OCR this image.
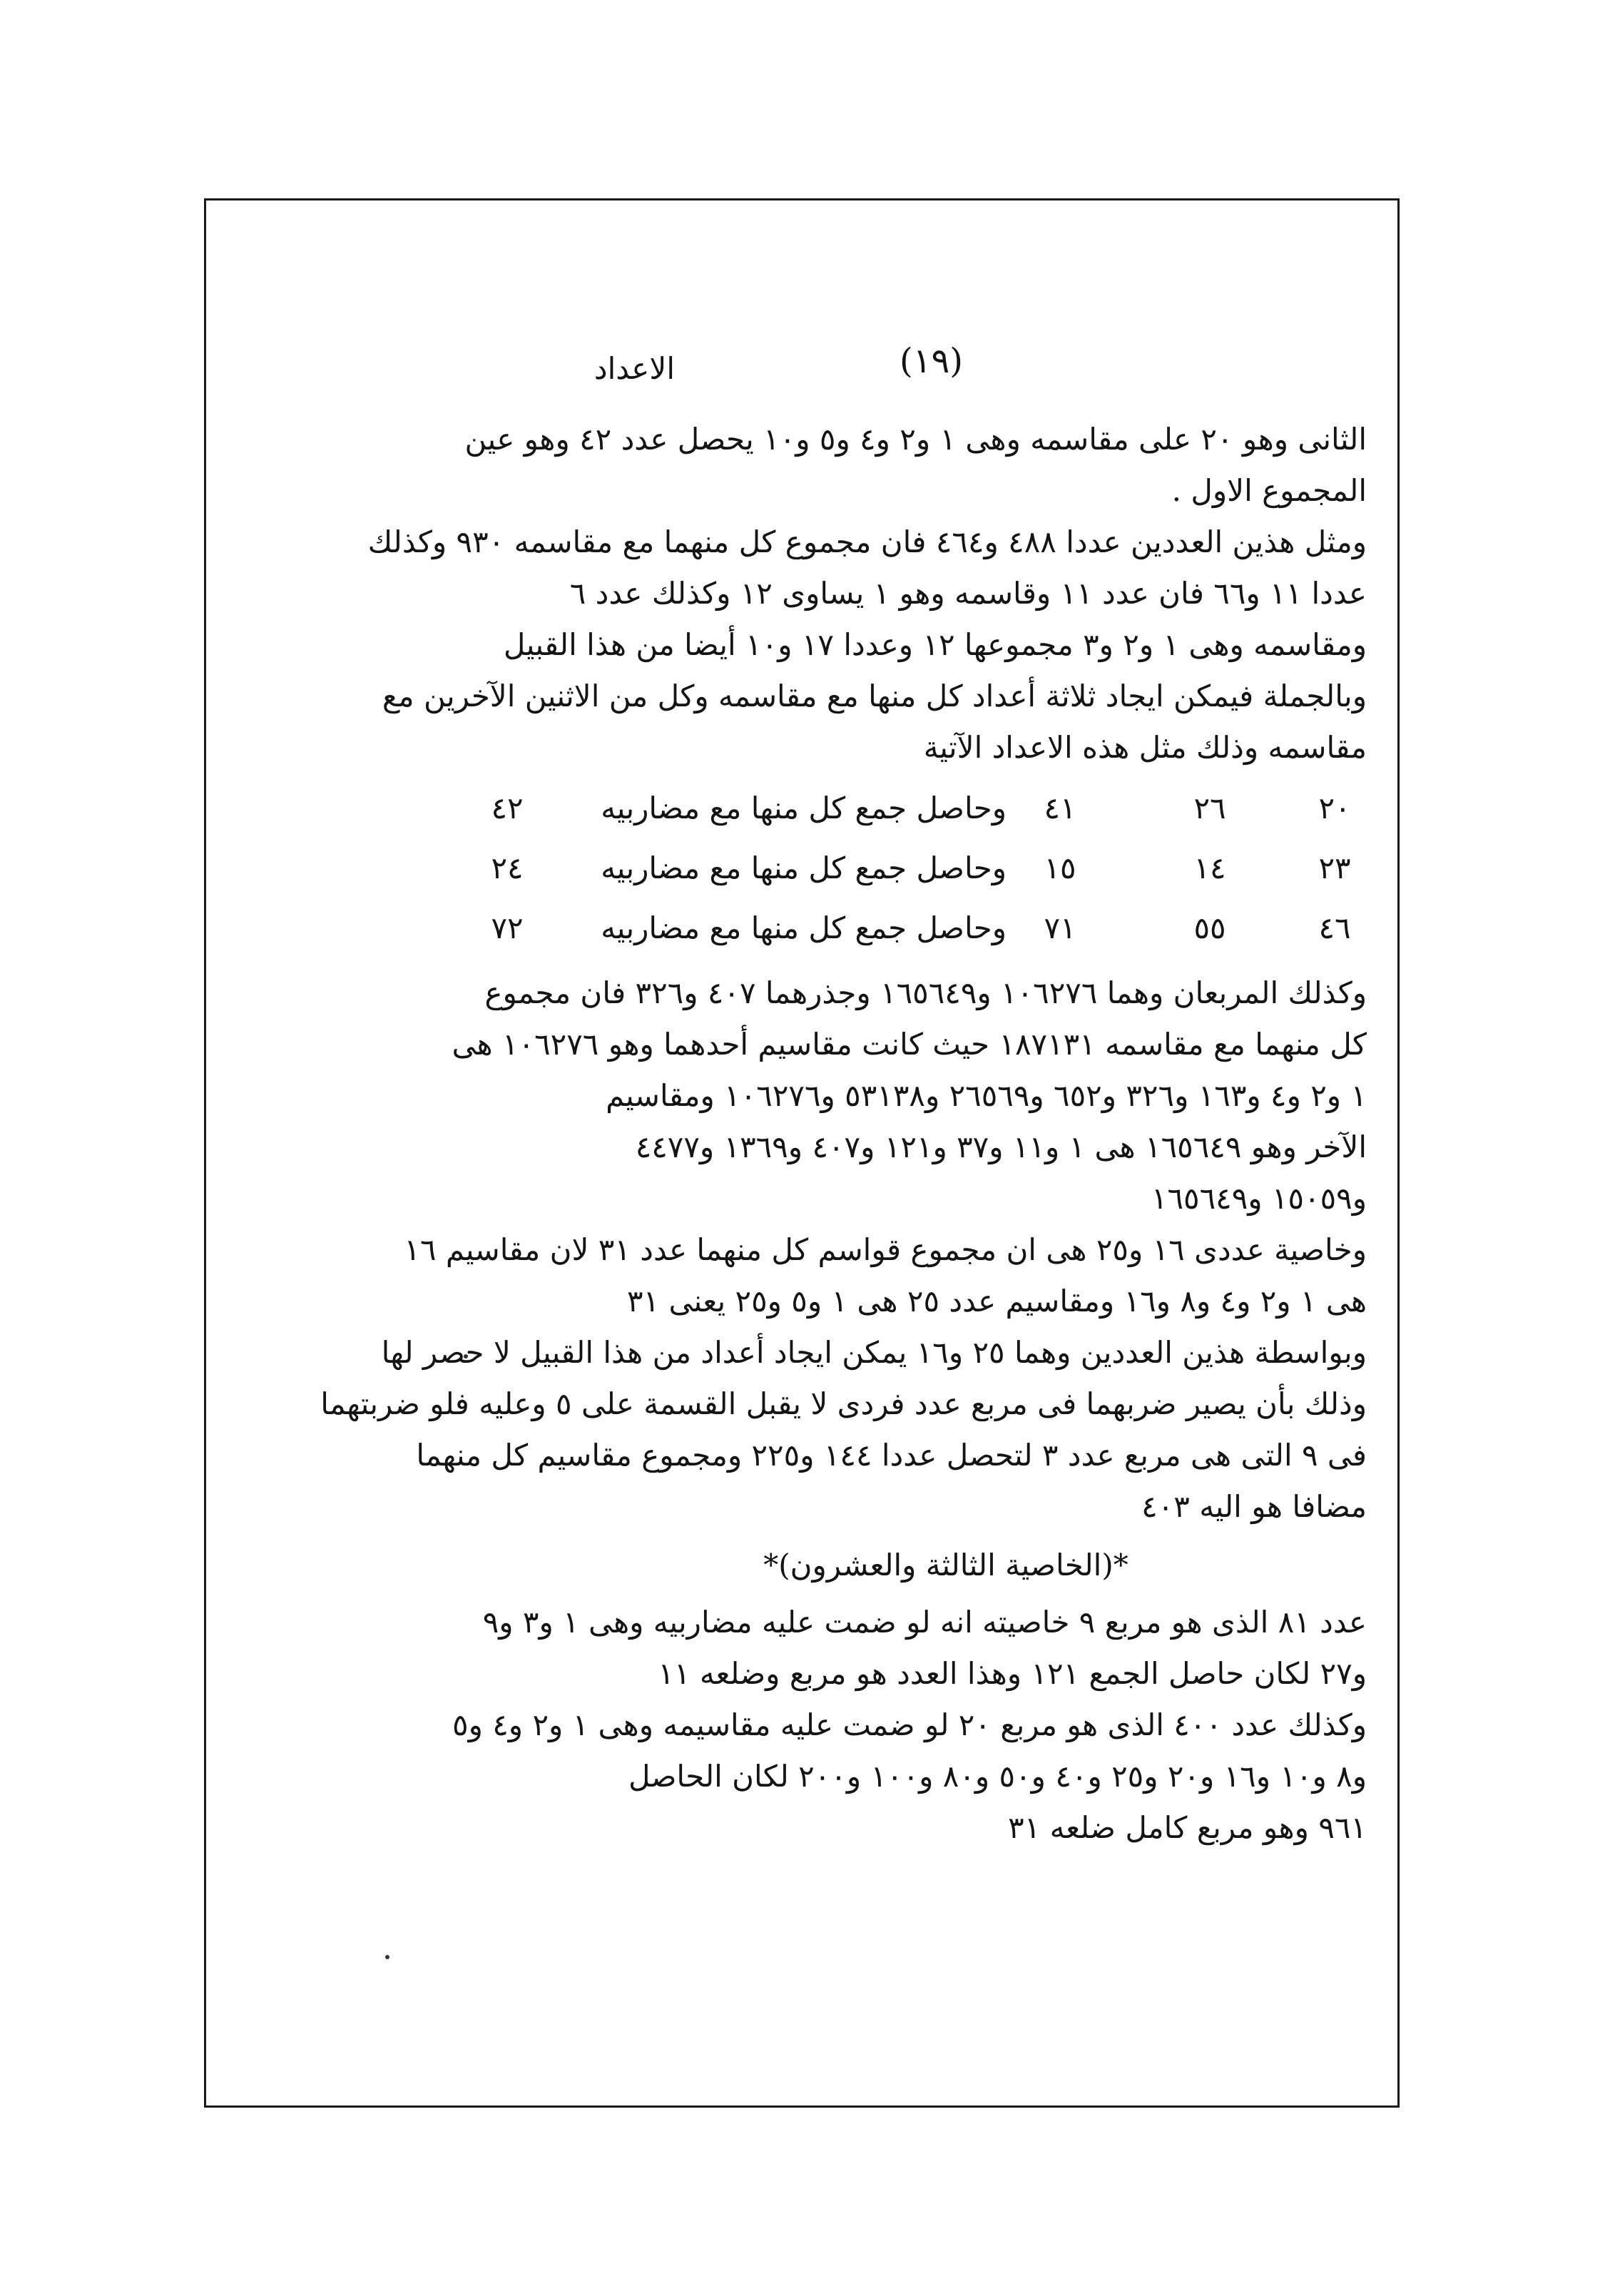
الاعداد	(١٩)
الثانى وهو ٢٠ على مقاسمه وهى ١ و٢ و٤ و٥ و١٠ يحصل عدد ٤٢ وهو عين
المجموع الاول .
ومثل هذين العددين عددا ٤٨٨ و٤٦٤ فان مجموع كل منهما مع مقاسمه ٩٣٠ وكذلك
عددا ١١ و٦٦ فان عدد ١١ وقاسمه وهو ١ يساوى ١٢ وكذلك عدد ٦
ومقاسمه وهى ١ و٢ و٣ مجموعها ١٢ وعددا ١٧ و١٠ أيضا من هذا القبيل
وبالجملة فيمكن ايجاد ثلاثة أعداد كل منها مع مقاسمه وكل من الاثنين الآخرين مع
مقاسمه وذلك مثل هذه الاعداد الآتية
٢٠
٢٦
٤١
وحاصل جمع كل منها مع مضاربيه
٤٢
٢٣
١٤
١٥
وحاصل جمع كل منها مع مضاربيه
٢٤
٤٦
٥٥
٧١
وحاصل جمع كل منها مع مضاربيه
٧٢
وكذلك المربعان وهما ١٠٦٢٧٦ و١٦٥٦٤٩ وجذرهما ٤٠٧ و٣٢٦ فان مجموع
كل منهما مع مقاسمه ١٨٧١٣١ حيث كانت مقاسيم أحدهما وهو ١٠٦٢٧٦ هى
١ و٢ و٤ و١٦٣ و٣٢٦ و٦٥٢ و٢٦٥٦٩ و٥٣١٣٨ و١٠٦٢٧٦ ومقاسيم
الآخر وهو ١٦٥٦٤٩ هى ١ و١١ و٣٧ و١٢١ و٤٠٧ و١٣٦٩ و٤٤٧٧
و١٥٠٥٩ و١٦٥٦٤٩
وخاصية عددى ١٦ و٢٥ هى ان مجموع قواسم كل منهما عدد ٣١ لان مقاسيم ١٦
هى ١ و٢ و٤ و٨ و١٦ ومقاسيم عدد ٢٥ هى ١ و٥ و٢٥ يعنى ٣١
وبواسطة هذين العددين وهما ٢٥ و١٦ يمكن ايجاد أعداد من هذا القبيل لا حصر لها
وذلك بأن يصير ضربهما فى مربع عدد فردى لا يقبل القسمة على ٥ وعليه فلو ضربتهما
فى ٩ التى هى مربع عدد ٣ لتحصل عددا ١٤٤ و٢٢٥ ومجموع مقاسيم كل منهما
مضافا هو اليه ٤٠٣
*(الخاصية الثالثة والعشرون)*
عدد ٨١ الذى هو مربع ٩ خاصيته انه لو ضمت عليه مضاربيه وهى ١ و٣ و٩
و٢٧ لكان حاصل الجمع ١٢١ وهذا العدد هو مربع وضلعه ١١
وكذلك عدد ٤٠٠ الذى هو مربع ٢٠ لو ضمت عليه مقاسيمه وهى ١ و٢ و٤ و٥
و٨ و١٠ و١٦ و٢٠ و٢٥ و٤٠ و٥٠ و٨٠ و١٠٠ و٢٠٠ لكان الحاصل
٩٦١ وهو مربع كامل ضلعه ٣١
